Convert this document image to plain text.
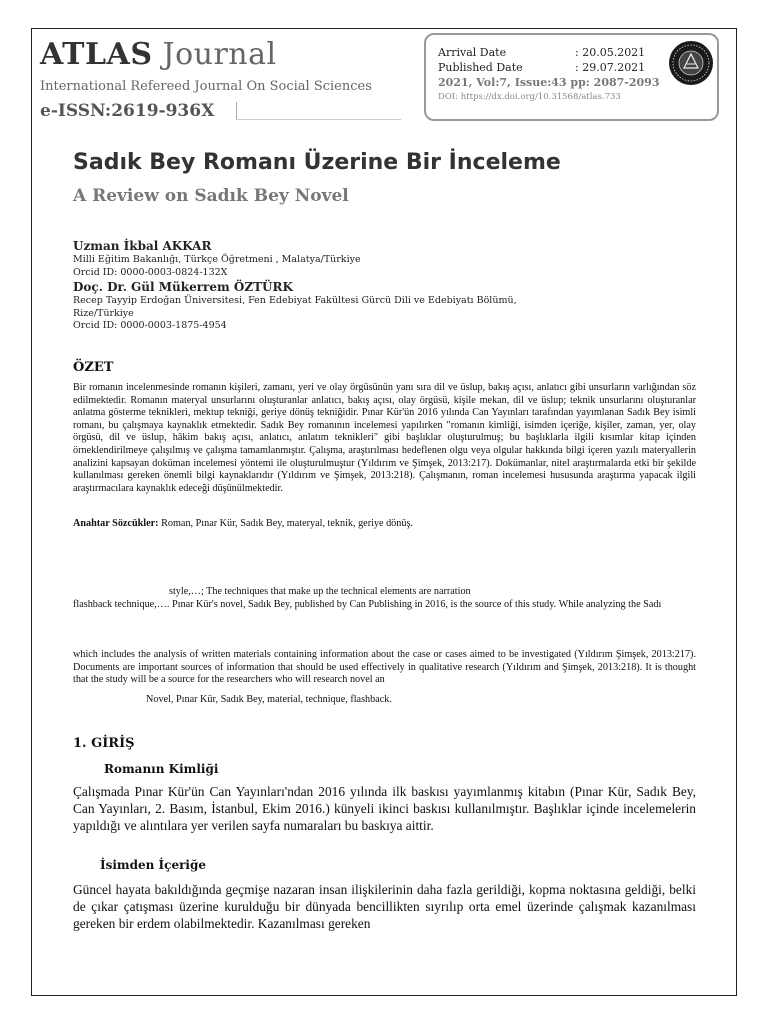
ATLAS Journal
International Refereed Journal On Social Sciences
e-ISSN:2619-936X
Arrival Date	: 20.05.2021
Published Date	: 29.07.2021
2021, Vol:7, Issue:43 pp: 2087-2093
DOI: https://dx.doi.org/10.31568/atlas.733
Sadık Bey Romanı Üzerine Bir İnceleme
A Review on Sadık Bey Novel
Uzman İkbal AKKAR
Milli Eğitim Bakanlığı, Türkçe Öğretmeni , Malatya/Türkiye
Orcid ID: 0000-0003-0824-132X
Doç. Dr. Gül Mükerrem ÖZTÜRK
Recep Tayyip Erdoğan Üniversitesi, Fen Edebiyat Fakültesi Gürcü Dili ve Edebiyatı Bölümü,
Rize/Türkiye
Orcid ID: 0000-0003-1875-4954
ÖZET
Bir romanın incelenmesinde romanın kişileri, zamanı, yeri ve olay örgüsünün yanı sıra dil ve üslup, bakış açısı, anlatıcı gibi unsurların varlığından söz edilmektedir. Romanın materyal unsurlarını oluşturanlar anlatıcı, bakış açısı, olay örgüsü, kişile mekan, dil ve üslup; teknik unsurlarını oluşturanlar anlatma gösterme teknikleri, mektup tekniği, geriye dönüş tekniğidir. Pınar Kür'ün 2016 yılında Can Yayınları tarafından yayımlanan Sadık Bey isimli romanı, bu çalışmaya kaynaklık etmektedir. Sadık Bey romanının incelemesi yapılırken "romanın kimliği, isimden içeriğe, kişiler, zaman, yer, olay örgüsü, dil ve üslup, hâkim bakış açısı, anlatıcı, anlatım teknikleri" gibi başlıklar oluşturulmuş; bu başlıklarla ilgili kısımlar kitap içinden örneklendirilmeye çalışılmış ve çalışma tamamlanmıştır. Çalışma, araştırılması hedeflenen olgu veya olgular hakkında bilgi içeren yazılı materyallerin analizini kapsayan doküman incelemesi yöntemi ile oluşturulmuştur (Yıldırım ve Şimşek, 2013:217). Dokümanlar, nitel araştırmalarda etki bir şekilde kullanılması gereken önemli bilgi kaynaklarıdır (Yıldırım ve Şimşek, 2013:218). Çalışmanın, roman incelemesi hususunda araştırma yapacak ilgili araştırmacılara kaynaklık edeceği düşünülmektedir.
Anahtar Sözcükler: Roman, Pınar Kür, Sadık Bey, materyal, teknik, geriye dönüş.
style,…; The techniques that make up the technical elements are narration
flashback technique,…. Pınar Kür's novel, Sadık Bey, published by Can Publishing in 2016, is the source of this study. While analyzing the Sadı
which includes the analysis of written materials containing information about the case or cases aimed to be investigated (Yıldırım Şimşek, 2013:217). Documents are important sources of information that should be used effectively in qualitative research (Yıldırım and Şimşek, 2013:218). It is thought that the study will be a source for the researchers who will research novel an
Novel, Pınar Kür, Sadık Bey, material, technique, flashback.
1. GİRİŞ
Romanın Kimliği
Çalışmada Pınar Kür'ün Can Yayınları'ndan 2016 yılında ilk baskısı yayımlanmış kitabın (Pınar Kür, Sadık Bey, Can Yayınları, 2. Basım, İstanbul, Ekim 2016.) künyeli ikinci baskısı kullanılmıştır. Başlıklar içinde incelemelerin yapıldığı ve alıntılara yer verilen sayfa numaraları bu baskıya aittir.
İsimden İçeriğe
Güncel hayata bakıldığında geçmişe nazaran insan ilişkilerinin daha fazla gerildiği, kopma noktasına geldiği, belki de çıkar çatışması üzerine kurulduğu bir dünyada bencillikten sıyrılıp orta emel üzerinde çalışmak kazanılması gereken bir erdem olabilmektedir. Kazanılması gereken
